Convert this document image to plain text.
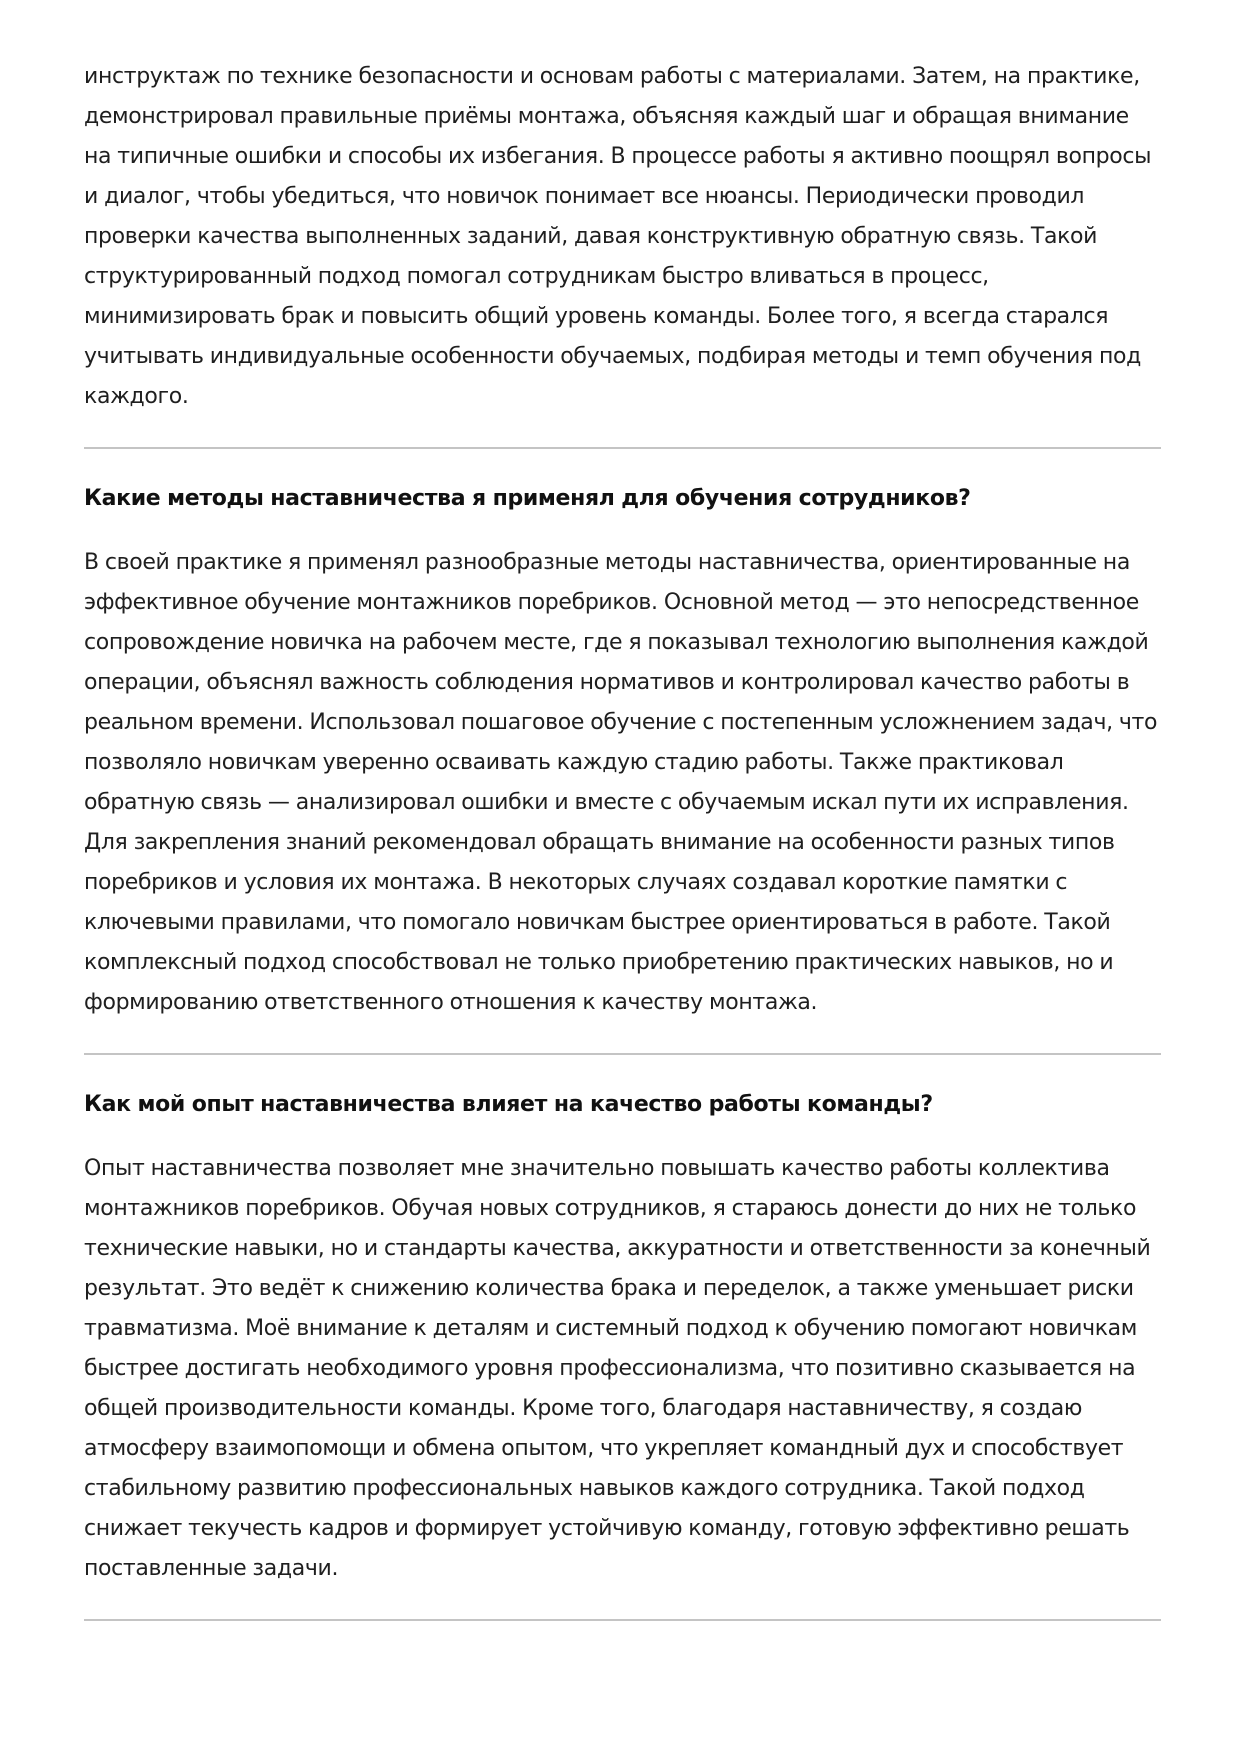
инструктаж по технике безопасности и основам работы с материалами. Затем, на практике, демонстрировал правильные приёмы монтажа, объясняя каждый шаг и обращая внимание на типичные ошибки и способы их избегания. В процессе работы я активно поощрял вопросы и диалог, чтобы убедиться, что новичок понимает все нюансы. Периодически проводил проверки качества выполненных заданий, давая конструктивную обратную связь. Такой структурированный подход помогал сотрудникам быстро вливаться в процесс, минимизировать брак и повысить общий уровень команды. Более того, я всегда старался учитывать индивидуальные особенности обучаемых, подбирая методы и темп обучения под каждого.

Какие методы наставничества я применял для обучения сотрудников?

В своей практике я применял разнообразные методы наставничества, ориентированные на эффективное обучение монтажников поребриков. Основной метод — это непосредственное сопровождение новичка на рабочем месте, где я показывал технологию выполнения каждой операции, объяснял важность соблюдения нормативов и контролировал качество работы в реальном времени. Использовал пошаговое обучение с постепенным усложнением задач, что позволяло новичкам уверенно осваивать каждую стадию работы. Также практиковал обратную связь — анализировал ошибки и вместе с обучаемым искал пути их исправления. Для закрепления знаний рекомендовал обращать внимание на особенности разных типов поребриков и условия их монтажа. В некоторых случаях создавал короткие памятки с ключевыми правилами, что помогало новичкам быстрее ориентироваться в работе. Такой комплексный подход способствовал не только приобретению практических навыков, но и формированию ответственного отношения к качеству монтажа.

Как мой опыт наставничества влияет на качество работы команды?

Опыт наставничества позволяет мне значительно повышать качество работы коллектива монтажников поребриков. Обучая новых сотрудников, я стараюсь донести до них не только технические навыки, но и стандарты качества, аккуратности и ответственности за конечный результат. Это ведёт к снижению количества брака и переделок, а также уменьшает риски травматизма. Моё внимание к деталям и системный подход к обучению помогают новичкам быстрее достигать необходимого уровня профессионализма, что позитивно сказывается на общей производительности команды. Кроме того, благодаря наставничеству, я создаю атмосферу взаимопомощи и обмена опытом, что укрепляет командный дух и способствует стабильному развитию профессиональных навыков каждого сотрудника. Такой подход снижает текучесть кадров и формирует устойчивую команду, готовую эффективно решать поставленные задачи.
